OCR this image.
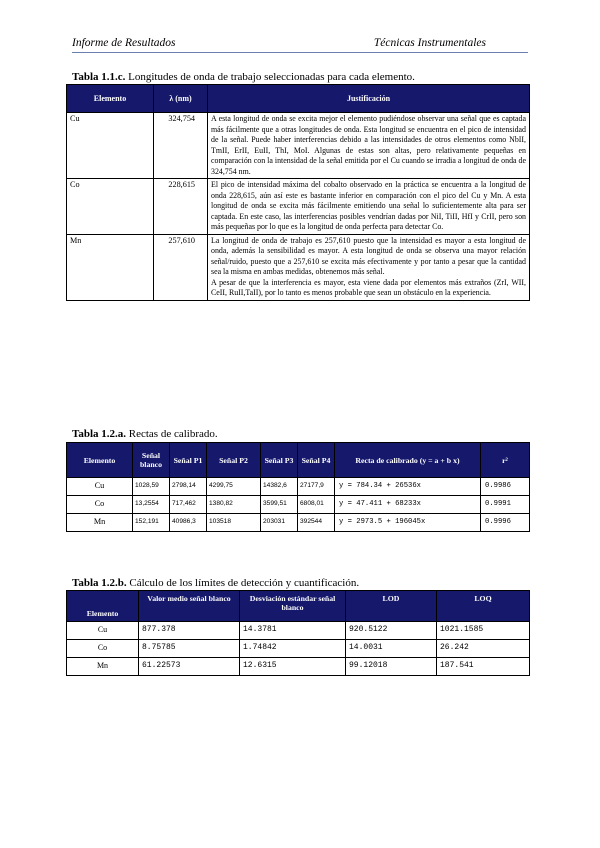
Informe de Resultados	Técnicas Instrumentales
Tabla 1.1.c. Longitudes de onda de trabajo seleccionadas para cada elemento.
Elemento	λ (nm)	Justificación
Cu	324,754	A esta longitud de onda se excita mejor el elemento pudiéndose observar una señal que es captada más fácilmente que a otras longitudes de onda. Esta longitud se encuentra en el pico de intensidad de la señal. Puede haber interferencias debido a las intensidades de otros elementos como NbII, TmII, ErII, EuII, ThI, MoI. Algunas de estas son altas, pero relativamente pequeñas en comparación con la intensidad de la señal emitida por el Cu cuando se irradia a longitud de onda de 324,754 nm.
Co	228,615	El pico de intensidad máxima del cobalto observado en la práctica se encuentra a la longitud de onda 228,615, aún así este es bastante inferior en comparación con el pico del Cu y Mn. A esta longitud de onda se excita más fácilmente emitiendo una señal lo suficientemente alta para ser captada. En este caso, las interferencias posibles vendrían dadas por NiI, TiII, HfI y CrII, pero son más pequeñas por lo que es la longitud de onda perfecta para detectar Co.
Mn	257,610	La longitud de onda de trabajo es 257,610 puesto que la intensidad es mayor a esta longitud de onda, además la sensibilidad es mayor. A esta longitud de onda se observa una mayor relación señal/ruido, puesto que a 257,610 se excita más efectivamente y por tanto a pesar que la cantidad sea la misma en ambas medidas, obtenemos más señal.
A pesar de que la interferencia es mayor, esta viene dada por elementos más extraños (ZrI, WII, CeII, RuII,TaII), por lo tanto es menos probable que sean un obstáculo en la experiencia.
Tabla 1.2.a. Rectas de calibrado.
Elemento	Señal blanco	Señal P1	Señal P2	Señal P3	Señal P4	Recta de calibrado (y = a + b x)	r²
Cu	1028,59	2798,14	4299,75	14382,6	27177,9	y = 784.34 + 26536x	0.9986
Co	13,2554	717,462	1380,82	3599,51	6808,01	y = 47.411 + 68233x	0.9991
Mn	152,191	40986,3	103518	203031	392544	y = 2973.5 + 196045x	0.9996
Tabla 1.2.b. Cálculo de los límites de detección y cuantificación.
Elemento	Valor medio señal blanco	Desviación estándar señal blanco	LOD	LOQ
Cu	877.378	14.3781	920.5122	1021.1585
Co	8.75785	1.74842	14.0031	26.242
Mn	61.22573	12.6315	99.12018	187.541
